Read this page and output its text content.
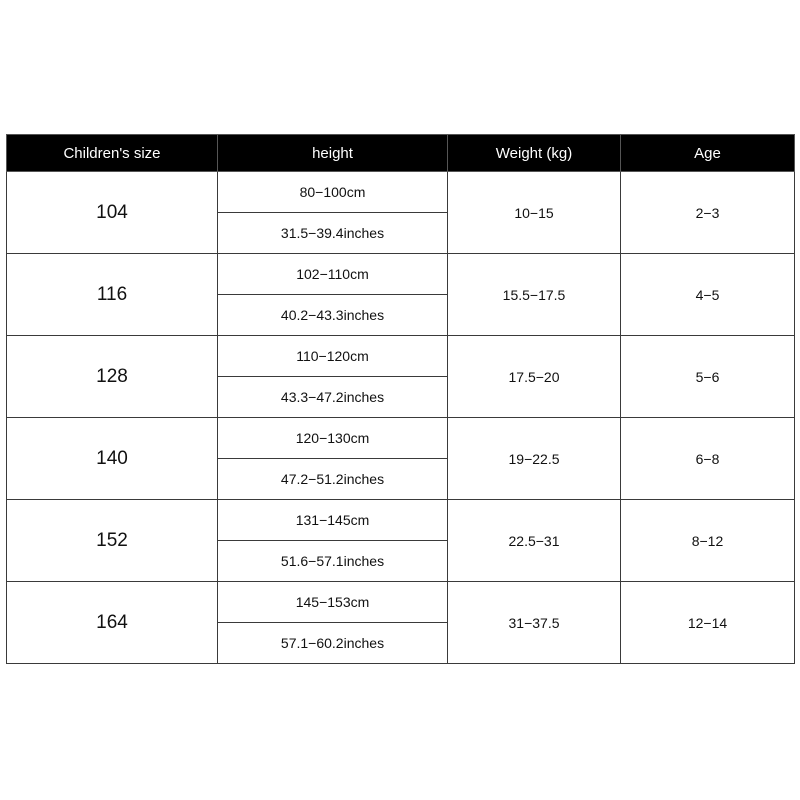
Children's size	height	Weight (kg)	Age
104	80−100cm
31.5−39.4inches	10−15	2−3
116	102−110cm
40.2−43.3inches	15.5−17.5	4−5
128	110−120cm
43.3−47.2inches	17.5−20	5−6
140	120−130cm
47.2−51.2inches	19−22.5	6−8
152	131−145cm
51.6−57.1inches	22.5−31	8−12
164	145−153cm
57.1−60.2inches	31−37.5	12−14
